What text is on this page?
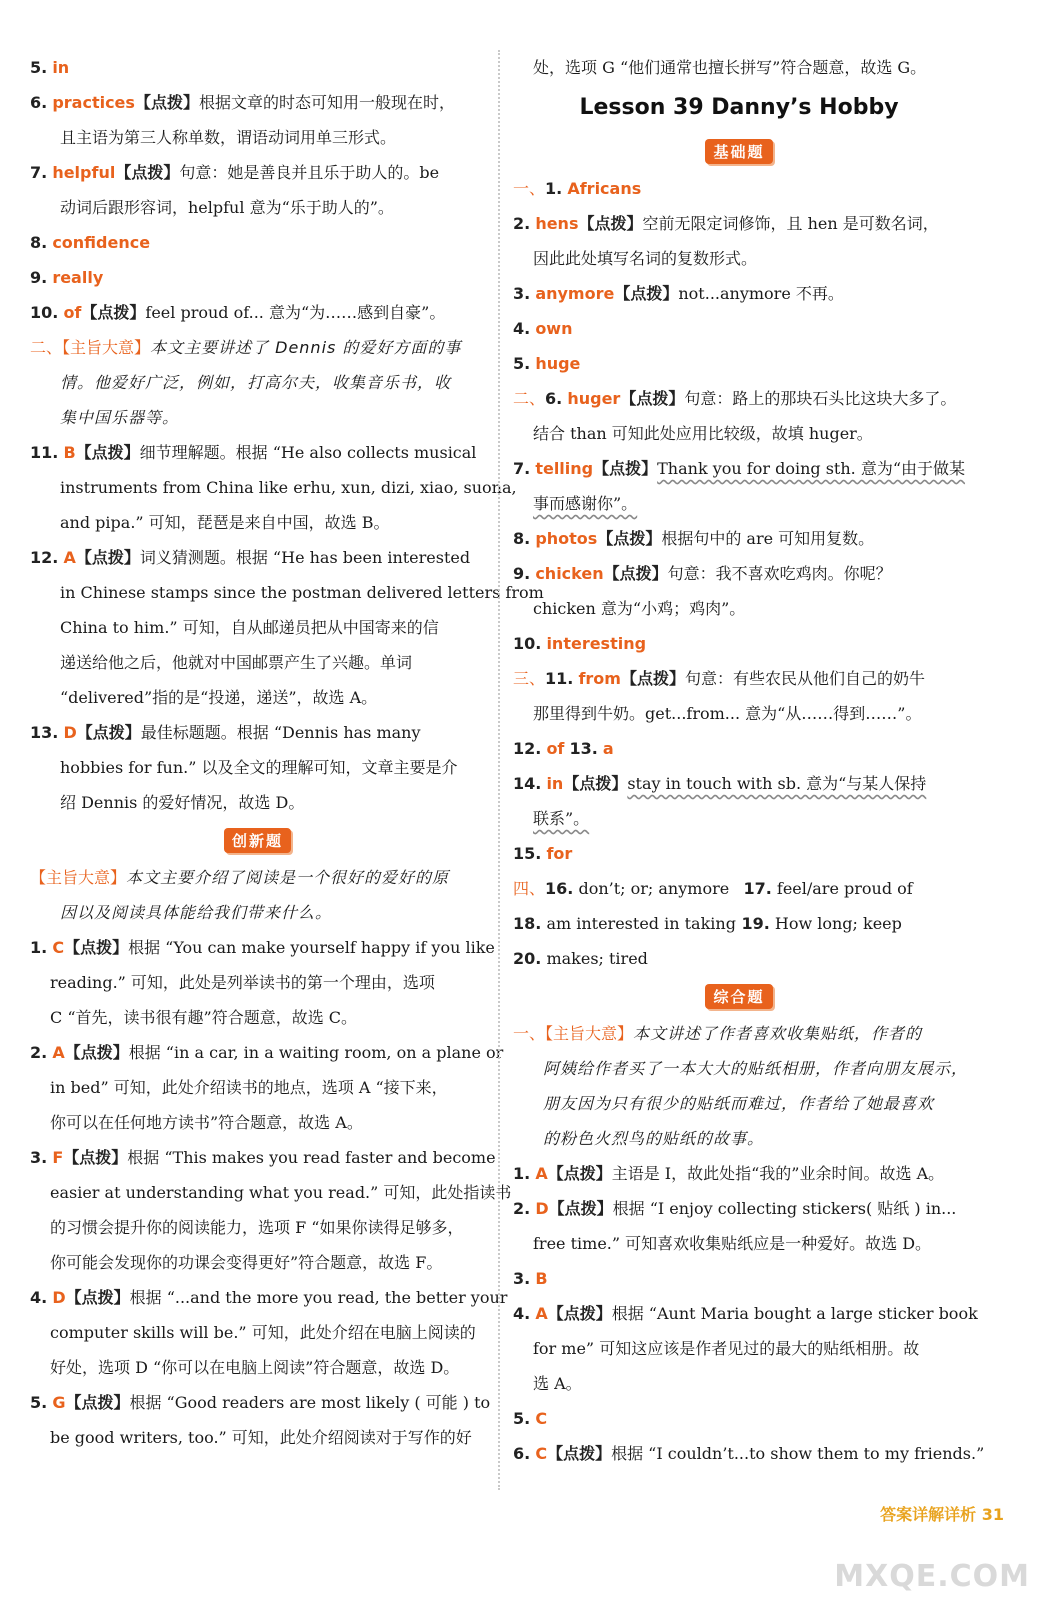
5. in
6. practices【点拨】根据文章的时态可知用一般现在时，
且主语为第三人称单数，谓语动词用单三形式。
7. helpful【点拨】句意：她是善良并且乐于助人的。be
动词后跟形容词，helpful 意为“乐于助人的”。
8. confidence
9. really
10. of【点拨】feel proud of... 意为“为……感到自豪”。
二、【主旨大意】本文主要讲述了 Dennis 的爱好方面的事
情。他爱好广泛，例如，打高尔夫，收集音乐书，收
集中国乐器等。
11. B【点拨】细节理解题。根据 “He also collects musical
instruments from China like erhu, xun, dizi, xiao, suona,
and pipa.” 可知，琵琶是来自中国，故选 B。
12. A【点拨】词义猜测题。根据 “He has been interested
in Chinese stamps since the postman delivered letters from
China to him.” 可知，自从邮递员把从中国寄来的信
递送给他之后，他就对中国邮票产生了兴趣。单词
“delivered”指的是“投递，递送”，故选 A。
13. D【点拨】最佳标题题。根据 “Dennis has many
hobbies for fun.” 以及全文的理解可知，文章主要是介
绍 Dennis 的爱好情况，故选 D。
创新题
【主旨大意】本文主要介绍了阅读是一个很好的爱好的原
因以及阅读具体能给我们带来什么。
1. C【点拨】根据 “You can make yourself happy if you like
reading.” 可知，此处是列举读书的第一个理由，选项
C “首先，读书很有趣”符合题意，故选 C。
2. A【点拨】根据 “in a car, in a waiting room, on a plane or
in bed” 可知，此处介绍读书的地点，选项 A “接下来，
你可以在任何地方读书”符合题意，故选 A。
3. F【点拨】根据 “This makes you read faster and become
easier at understanding what you read.” 可知，此处指读书
的习惯会提升你的阅读能力，选项 F “如果你读得足够多，
你可能会发现你的功课会变得更好”符合题意，故选 F。
4. D【点拨】根据 “...and the more you read, the better your
computer skills will be.” 可知，此处介绍在电脑上阅读的
好处，选项 D “你可以在电脑上阅读”符合题意，故选 D。
5. G【点拨】根据 “Good readers are most likely ( 可能 ) to
be good writers, too.” 可知，此处介绍阅读对于写作的好
处，选项 G “他们通常也擅长拼写”符合题意，故选 G。
Lesson 39 Danny’s Hobby
基础题
一、1. Africans
2. hens【点拨】空前无限定词修饰，且 hen 是可数名词，
因此此处填写名词的复数形式。
3. anymore【点拨】not...anymore 不再。
4. own
5. huge
二、6. huger【点拨】句意：路上的那块石头比这块大多了。
结合 than 可知此处应用比较级，故填 huger。
7. telling【点拨】Thank you for doing sth. 意为“由于做某
事而感谢你”。
8. photos【点拨】根据句中的 are 可知用复数。
9. chicken【点拨】句意：我不喜欢吃鸡肉。你呢？
chicken 意为“小鸡；鸡肉”。
10. interesting
三、11. from【点拨】句意：有些农民从他们自己的奶牛
那里得到牛奶。get...from... 意为“从……得到……”。
12. of 13. a
14. in【点拨】stay in touch with sb. 意为“与某人保持
联系”。
15. for
四、16. don’t; or; anymore 17. feel/are proud of
18. am interested in taking 19. How long; keep
20. makes; tired
综合题
一、【主旨大意】本文讲述了作者喜欢收集贴纸，作者的
阿姨给作者买了一本大大的贴纸相册，作者向朋友展示，
朋友因为只有很少的贴纸而难过，作者给了她最喜欢
的粉色火烈鸟的贴纸的故事。
1. A【点拨】主语是 I，故此处指“我的”业余时间。故选 A。
2. D【点拨】根据 “I enjoy collecting stickers( 贴纸 ) in...
free time.” 可知喜欢收集贴纸应是一种爱好。故选 D。
3. B
4. A【点拨】根据 “Aunt Maria bought a large sticker book
for me” 可知这应该是作者见过的最大的贴纸相册。故
选 A。
5. C
6. C【点拨】根据 “I couldn’t...to show them to my friends.”
答案详解详析 31
MXQE.COM
